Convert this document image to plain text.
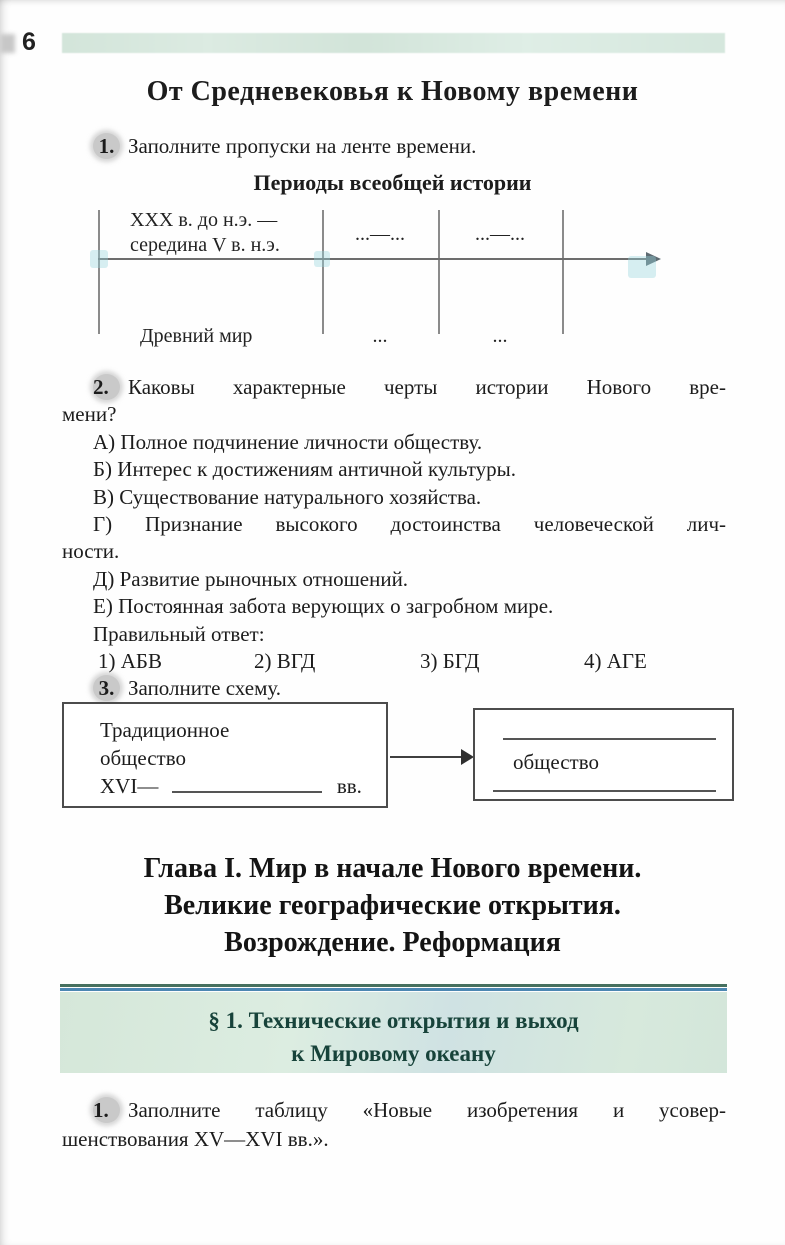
6
От Средневековья к Новому времени
1. Заполните пропуски на ленте времени.
Периоды всеобщей истории
XXX в. до н.э. —
середина V в. н.э.	...—...	...—...
Древний мир	...	...
2. Каковы характерные черты истории Нового вре-
мени?
А) Полное подчинение личности обществу.
Б) Интерес к достижениям античной культуры.
В) Существование натурального хозяйства.
Г) Признание высокого достоинства человеческой лич-
ности.
Д) Развитие рыночных отношений.
Е) Постоянная забота верующих о загробном мире.
Правильный ответ:
1) АБВ	2) ВГД	3) БГД	4) АГЕ
3. Заполните схему.
Традиционное
общество
XVI—	вв.
общество
Глава I. Мир в начале Нового времени.
Великие географические открытия.
Возрождение. Реформация
§ 1. Технические открытия и выход
к Мировому океану
1. Заполните таблицу «Новые изобретения и усовер-
шенствования XV—XVI вв.».
